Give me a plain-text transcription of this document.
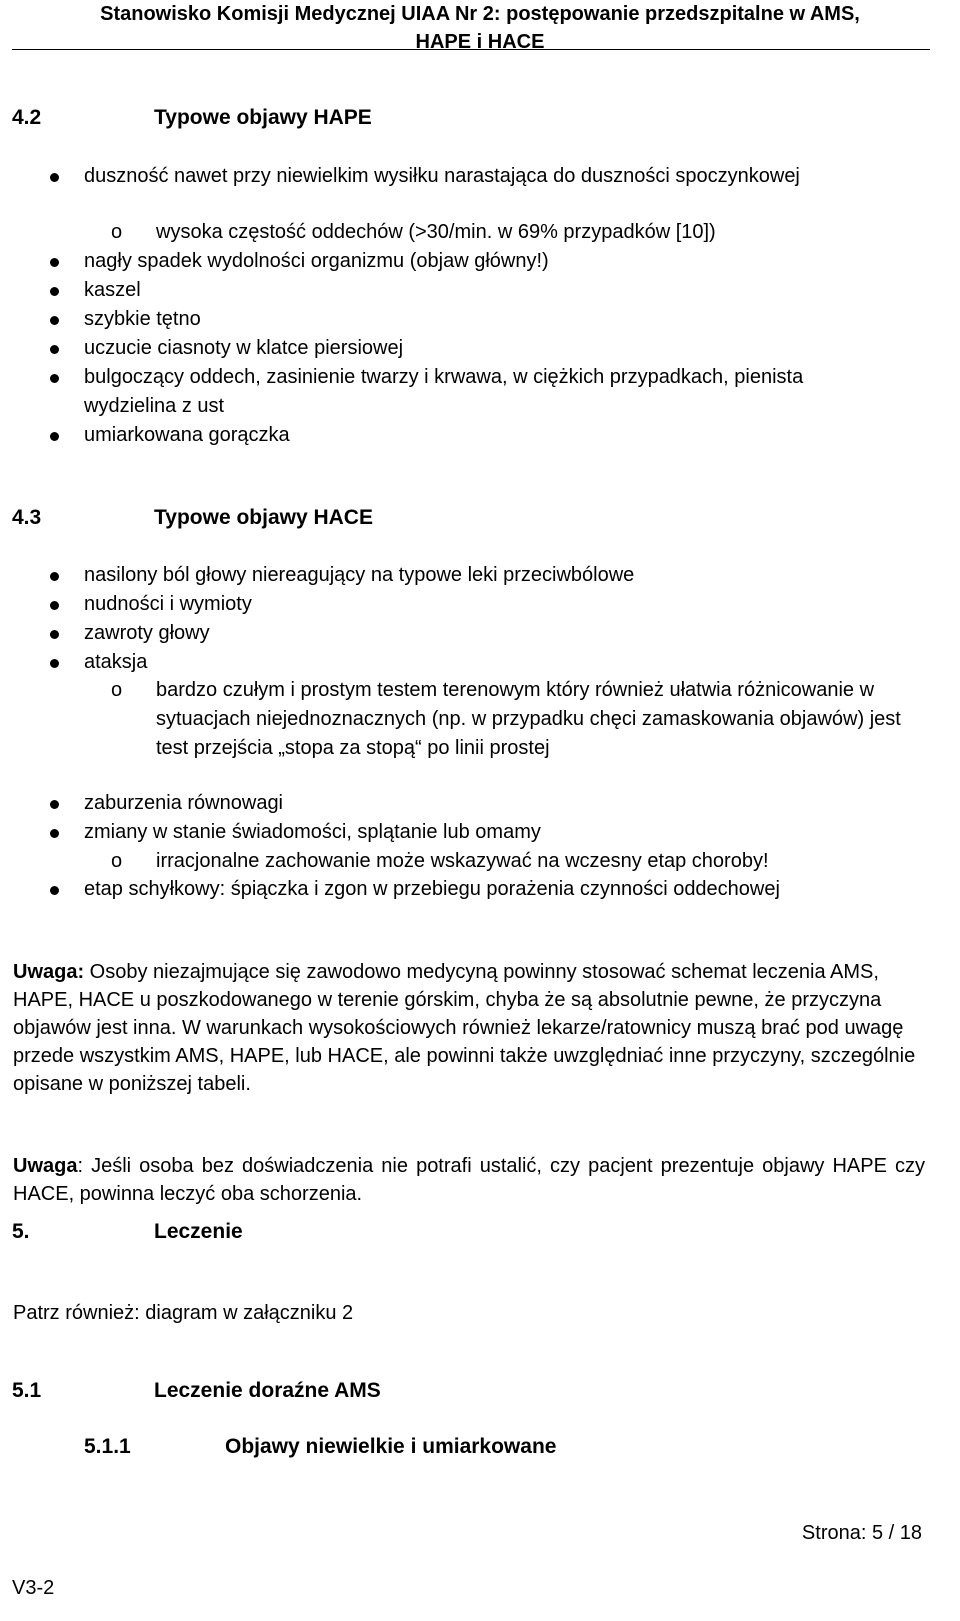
Stanowisko Komisji Medycznej UIAA Nr 2: postępowanie przedszpitalne w AMS,
HAPE i HACE
4.2	Typowe objawy HAPE
duszność nawet przy niewielkim wysiłku narastająca do duszności spoczynkowej
o wysoka częstość oddechów (>30/min. w 69% przypadków [10])
nagły spadek wydolności organizmu (objaw główny!)
kaszel
szybkie tętno
uczucie ciasnoty w klatce piersiowej
bulgoczący oddech, zasinienie twarzy i krwawa, w ciężkich przypadkach, pienista wydzielina z ust
umiarkowana gorączka
4.3	Typowe objawy HACE
nasilony ból głowy niereagujący na typowe leki przeciwbólowe
nudności i wymioty
zawroty głowy
ataksja
o bardzo czułym i prostym testem terenowym który również ułatwia różnicowanie w sytuacjach niejednoznacznych (np. w przypadku chęci zamaskowania objawów) jest test przejścia „stopa za stopą“ po linii prostej
zaburzenia równowagi
zmiany w stanie świadomości, splątanie lub omamy
o irracjonalne zachowanie może wskazywać na wczesny etap choroby!
etap schyłkowy: śpiączka i zgon w przebiegu porażenia czynności oddechowej
Uwaga: Osoby niezajmujące się zawodowo medycyną powinny stosować schemat leczenia AMS, HAPE, HACE u poszkodowanego w terenie górskim, chyba że są absolutnie pewne, że przyczyna objawów jest inna. W warunkach wysokościowych również lekarze/ratownicy muszą brać pod uwagę przede wszystkim AMS, HAPE, lub HACE, ale powinni także uwzględniać inne przyczyny, szczególnie opisane w poniższej tabeli.
Uwaga: Jeśli osoba bez doświadczenia nie potrafi ustalić, czy pacjent prezentuje objawy HAPE czy HACE, powinna leczyć oba schorzenia.
5.	Leczenie
Patrz również: diagram w załączniku 2
5.1	Leczenie doraźne AMS
5.1.1	Objawy niewielkie i umiarkowane
Strona: 5 / 18
V3-2
